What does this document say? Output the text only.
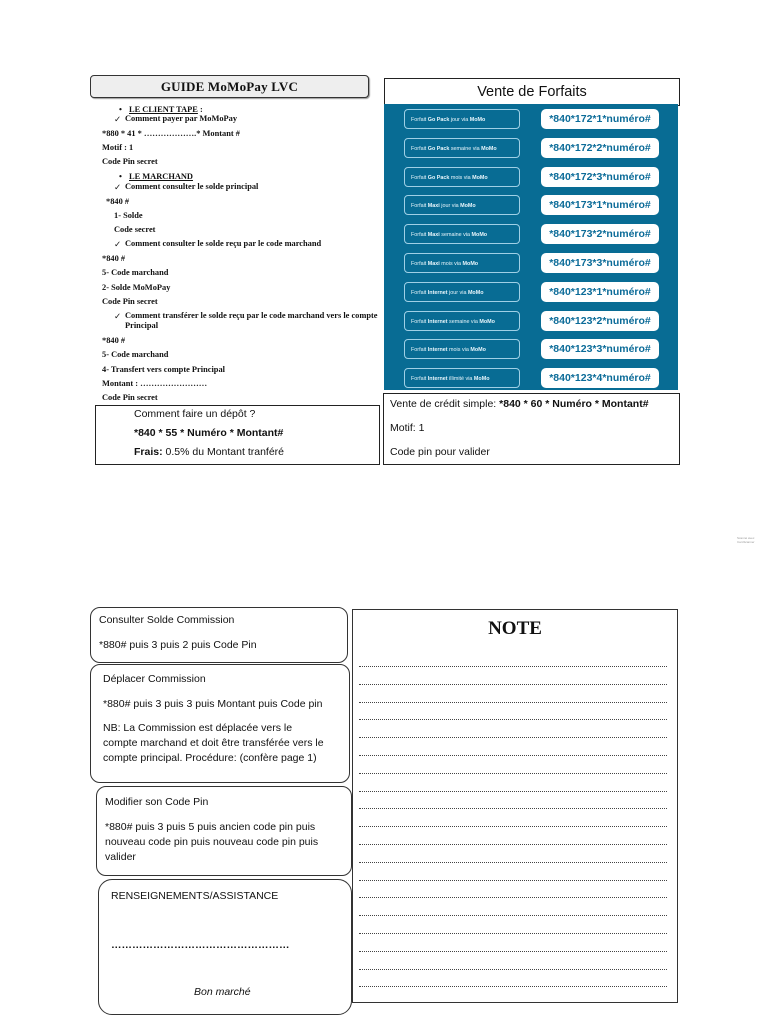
GUIDE MoMoPay LVC
• LE CLIENT TAPE :
✓ Comment payer par MoMoPay
*880 * 41 * ……………….* Montant #
Motif : 1
Code Pin secret
• LE MARCHAND
✓ Comment consulter le solde principal
*840 #
1- Solde
Code secret
✓ Comment consulter le solde reçu par le code marchand
*840 #
5- Code marchand
2- Solde MoMoPay
Code Pin secret
✓ Comment transférer le solde reçu par le code marchand vers le compte
Principal
*840 #
5- Code marchand
4- Transfert vers compte Principal
Montant : ……………………
Code Pin secret
Comment faire un dépôt ?
*840 * 55 * Numéro * Montant#
Frais: 0.5% du Montant tranféré
Vente de Forfaits
Forfait Go Pack jour via MoMo	*840*172*1*numéro#
Forfait Go Pack semaine via MoMo	*840*172*2*numéro#
Forfait Go Pack mois via MoMo	*840*172*3*numéro#
Forfait Maxi jour via MoMo	*840*173*1*numéro#
Forfait Maxi semaine via MoMo	*840*173*2*numéro#
Forfait Maxi mois via MoMo	*840*173*3*numéro#
Forfait Internet jour via MoMo	*840*123*1*numéro#
Forfait Internet semaine via MoMo	*840*123*2*numéro#
Forfait Internet mois via MoMo	*840*123*3*numéro#
Forfait Internet illimité via MoMo	*840*123*4*numéro#
Vente de crédit simple: *840 * 60 * Numéro * Montant#
Motif: 1
Code pin pour valider
Scanné avec CamScanner
Consulter Solde Commission
*880# puis 3 puis 2 puis Code Pin
Déplacer Commission
*880# puis 3 puis 3 puis Montant puis Code pin
NB: La Commission est déplacée vers le
compte marchand et doit être transférée vers le
compte principal. Procédure: (confère page 1)
Modifier son Code Pin
*880# puis 3 puis 5 puis ancien code pin puis
nouveau code pin puis nouveau code pin puis
valider
RENSEIGNEMENTS/ASSISTANCE
……………………………………………
Bon marché
NOTE
